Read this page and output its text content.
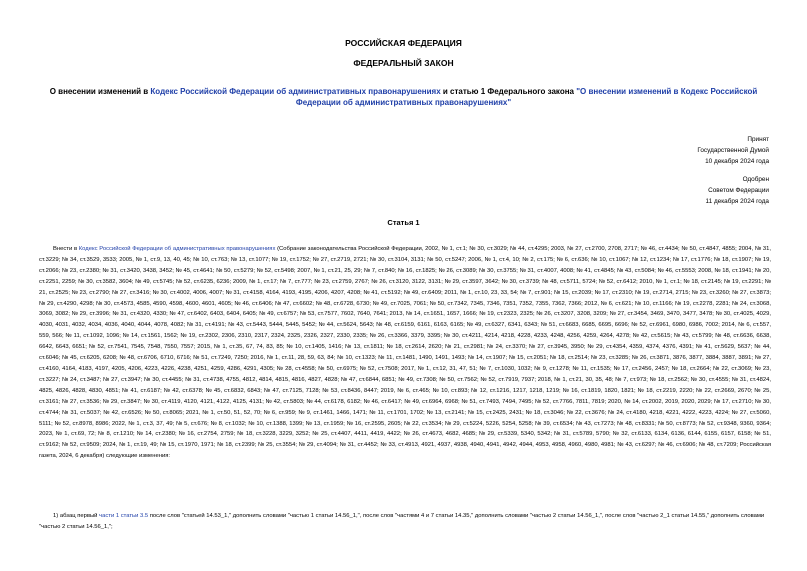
РОССИЙСКАЯ ФЕДЕРАЦИЯ
ФЕДЕРАЛЬНЫЙ ЗАКОН
О внесении изменений в Кодекс Российской Федерации об административных правонарушениях и статью 1 Федерального закона "О внесении изменений в Кодекс Российской Федерации об административных правонарушениях"
Принят
Государственной Думой
10 декабря 2024 года
Одобрен
Советом Федерации
11 декабря 2024 года
Статья 1
Внести в Кодекс Российской Федерации об административных правонарушениях (Собрание законодательства Российской Федерации, 2002, № 1, ст.1; № 30, ст.3029; № 44, ст.4295; 2003, № 27, ст.2700, 2708, 2717; № 46, ст.4434; № 50, ст.4847, 4855; 2004, № 31, ст.3229; № 34, ст.3529, 3533; 2005, № 1, ст.9, 13, 40, 45; № 10, ст.763; № 13, ст.1077; № 19, ст.1752; № 27, ст.2719, 2721; № 30, ст.3104, 3131; № 50, ст.5247; 2006, № 1, ст.4, 10; № 2, ст.175; № 6, ст.636; № 10, ст.1067; № 12, ст.1234; № 17, ст.1776; № 18, ст.1907; № 19, ст.2066; № 23, ст.2380; № 31, ст.3420, 3438, 3452; № 45, ст.4641; № 50, ст.5279; № 52, ст.5498; 2007, № 1, ст.21, 25, 29; № 7, ст.840; № 16, ст.1825; № 26, ст.3089; № 30, ст.3755; № 31, ст.4007, 4008; № 41, ст.4845; № 43, ст.5084; № 46, ст.5553; 2008, № 18, ст.1941; № 20, ст.2251, 2259; № 30, ст.3582, 3604; № 49, ст.5745; № 52, ст.6235, 6236; 2009, № 1, ст.17; № 7, ст.777; № 23, ст.2759, 2767; № 26, ст.3120, 3122, 3131; № 29, ст.3597, 3642; № 30, ст.3739; № 48, ст.5711, 5724; № 52, ст.6412; 2010, № 1, ст.1; № 18, ст.2145; № 19, ст.2291; № 21, ст.2525; № 23, ст.2790; № 27, ст.3416; № 30, ст.4002, 4006, 4007; № 31, ст.4158, 4164, 4193, 4195, 4206, 4207, 4208; № 41, ст.5192; № 49, ст.6409; 2011, № 1, ст.10, 23, 33, 54; № 7, ст.901; № 15, ст.2039; № 17, ст.2310; № 19, ст.2714, 2715; № 23, ст.3260; № 27, ст.3873; № 29, ст.4290, 4298; № 30, ст.4573, 4585, 4590, 4598, 4600, 4601, 4605; № 46, ст.6406; № 47, ст.6602; № 48, ст.6728, 6730; № 49, ст.7025, 7061; № 50, ст.7342, 7345, 7346, 7351, 7352, 7355, 7362, 7366; 2012, № 6, ст.621; № 10, ст.1166; № 19, ст.2278, 2281; № 24, ст.3068, 3069, 3082; № 29, ст.3996; № 31, ст.4320, 4330; № 47, ст.6402, 6403, 6404, 6405; № 49, ст.6757; № 53, ст.7577, 7602, 7640, 7641; 2013, № 14, ст.1651, 1657, 1666; № 19, ст.2323, 2325; № 26, ст.3207, 3208, 3209; № 27, ст.3454, 3469, 3470, 3477, 3478; № 30, ст.4025, 4029, 4030, 4031, 4032, 4034, 4036, 4040, 4044, 4078, 4082; № 31, ст.4191; № 43, ст.5443, 5444, 5445, 5452; № 44, ст.5624, 5643; № 48, ст.6159, 6161, 6163, 6165; № 49, ст.6327, 6341, 6343; № 51, ст.6683, 6685, 6695, 6696; № 52, ст.6961, 6980, 6986, 7002; 2014, № 6, ст.557, 559, 566; № 11, ст.1092, 1096; № 14, ст.1561, 1562; № 19, ст.2302, 2306, 2310, 2317, 2324, 2325, 2326, 2327, 2330, 2335; № 26, ст.3366, 3379, 3395; № 30, ст.4211, 4214, 4218, 4228, 4233, 4248, 4256, 4259, 4264, 4278; № 42, ст.5615; № 43, ст.5799; № 48, ст.6636, 6638, 6642, 6643, 6651; № 52, ст.7541, 7545, 7548, 7550, 7557; 2015, № 1, ст.35, 67, 74, 83, 85; № 10, ст.1405, 1416; № 13, ст.1811; № 18, ст.2614, 2620; № 21, ст.2981; № 24, ст.3370; № 27, ст.3945, 3950; № 29, ст.4354, 4359, 4374, 4376, 4391; № 41, ст.5629, 5637; № 44, ст.6046; № 45, ст.6205, 6208; № 48, ст.6706, 6710, 6716; № 51, ст.7249, 7250; 2016, № 1, ст.11, 28, 59, 63, 84; № 10, ст.1323; № 11, ст.1481, 1490, 1491, 1493; № 14, ст.1907; № 15, ст.2051; № 18, ст.2514; № 23, ст.3285; № 26, ст.3871, 3876, 3877, 3884, 3887, 3891; № 27, ст.4160, 4164, 4183, 4197, 4205, 4206, 4223, 4226, 4238, 4251, 4259, 4286, 4291, 4305; № 28, ст.4558; № 50, ст.6975; № 52, ст.7508; 2017, № 1, ст.12, 31, 47, 51; № 7, ст.1030, 1032; № 9, ст.1278; № 11, ст.1535; № 17, ст.2456, 2457; № 18, ст.2664; № 22, ст.3069; № 23, ст.3227; № 24, ст.3487; № 27, ст.3947; № 30, ст.4455; № 31, ст.4738, 4755, 4812, 4814, 4815, 4816, 4827, 4828; № 47, ст.6844, 6851; № 49, ст.7308; № 50, ст.7562; № 52, ст.7919, 7937; 2018, № 1, ст.21, 30, 35, 48; № 7, ст.973; № 18, ст.2562; № 30, ст.4555; № 31, ст.4824, 4825, 4826, 4828, 4830, 4851; № 41, ст.6187; № 42, ст.6378; № 45, ст.6832, 6843; № 47, ст.7125, 7128; № 53, ст.8436, 8447; 2019, № 6, ст.465; № 10, ст.893; № 12, ст.1216, 1217, 1218, 1219; № 16, ст.1819, 1820, 1821; № 18, ст.2219, 2220; № 22, ст.2669, 2670; № 25, ст.3161; № 27, ст.3536; № 29, ст.3847; № 30, ст.4119, 4120, 4121, 4122, 4125, 4131; № 42, ст.5803; № 44, ст.6178, 6182; № 46, ст.6417; № 49, ст.6964, 6968; № 51, ст.7493, 7494, 7495; № 52, ст.7766, 7811, 7819; 2020, № 14, ст.2002, 2019, 2020, 2029; № 17, ст.2710; № 30, ст.4744; № 31, ст.5037; № 42, ст.6526; № 50, ст.8065; 2021, № 1, ст.50, 51, 52, 70; № 6, ст.959; № 9, ст.1461, 1466, 1471; № 11, ст.1701, 1702; № 13, ст.2141; № 15, ст.2425, 2431; № 18, ст.3046; № 22, ст.3676; № 24, ст.4180, 4218, 4221, 4222, 4223, 4224; № 27, ст.5060, 5111; № 52, ст.8978, 8986; 2022, № 1, ст.3, 37, 49; № 5, ст.676; № 8, ст.1032; № 10, ст.1388, 1399; № 13, ст.1959; № 16, ст.2595, 2605; № 22, ст.3534; № 29, ст.5224, 5226, 5254, 5258; № 39, ст.6534; № 43, ст.7273; № 48, ст.8331; № 50, ст.8773; № 52, ст.9348, 9360, 9364; 2023, № 1, ст.69, 72; № 8, ст.1210; № 14, ст.2380; № 16, ст.2754, 2759; № 18, ст.3228, 3229, 3252; № 25, ст.4407, 4411, 4419, 4422; № 26, ст.4673, 4682, 4685; № 29, ст.5339, 5340, 5342; № 31, ст.5789, 5790; № 32, ст.6133, 6134, 6136, 6144, 6155, 6157, 6158; № 51, ст.9162; № 52, ст.9509; 2024, № 1, ст.19, 49; № 15, ст.1970, 1971; № 18, ст.2399; № 25, ст.3554; № 29, ст.4094; № 31, ст.4452; № 33, ст.4913, 4921, 4937, 4938, 4940, 4941, 4942, 4944, 4953, 4958, 4960, 4980, 4981; № 43, ст.6297; № 46, ст.6906; № 48, ст.7209; Российская газета, 2024, 6 декабря) следующие изменения:
1) абзац первый части 1 статьи 3.5 после слов "статьей 14.53_1," дополнить словами "частью 1 статьи 14.56_1,", после слов "частями 4 и 7 статьи 14.35," дополнить словами "частью 2 статьи 14.56_1,", после слов "частью 2_1 статьи 14.55," дополнить словами "частью 2 статьи 14.56_1,";
